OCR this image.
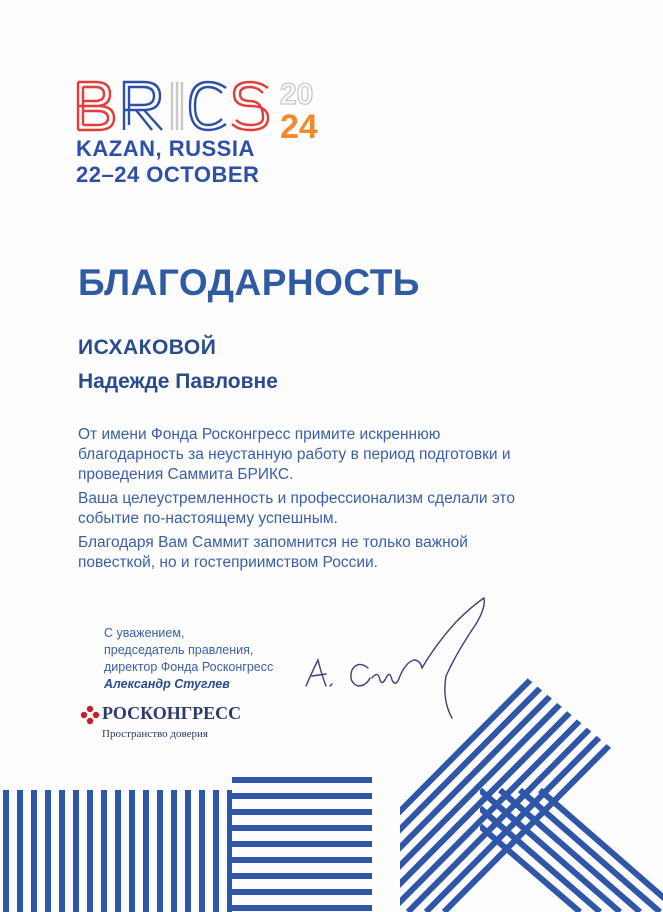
20
24

KAZAN, RUSSIA

22–24 OCTOBER

БЛАГОДАРНОСТЬ

ИСХАКОВОЙ

Надежде Павловне

От имени Фонда Росконгресс примите искреннюю благодарность за неустанную работу в период подготовки и проведения Саммита БРИКС.

Ваша целеустремленность и профессионализм сделали это событие по-настоящему успешным.

Благодаря Вам Саммит запомнится не только важной повесткой, но и гостеприимством России.

С уважением,
председатель правления,
директор Фонда Росконгресс
Александр Стуглев

РОСКОНГРЕСС

Пространство доверия
